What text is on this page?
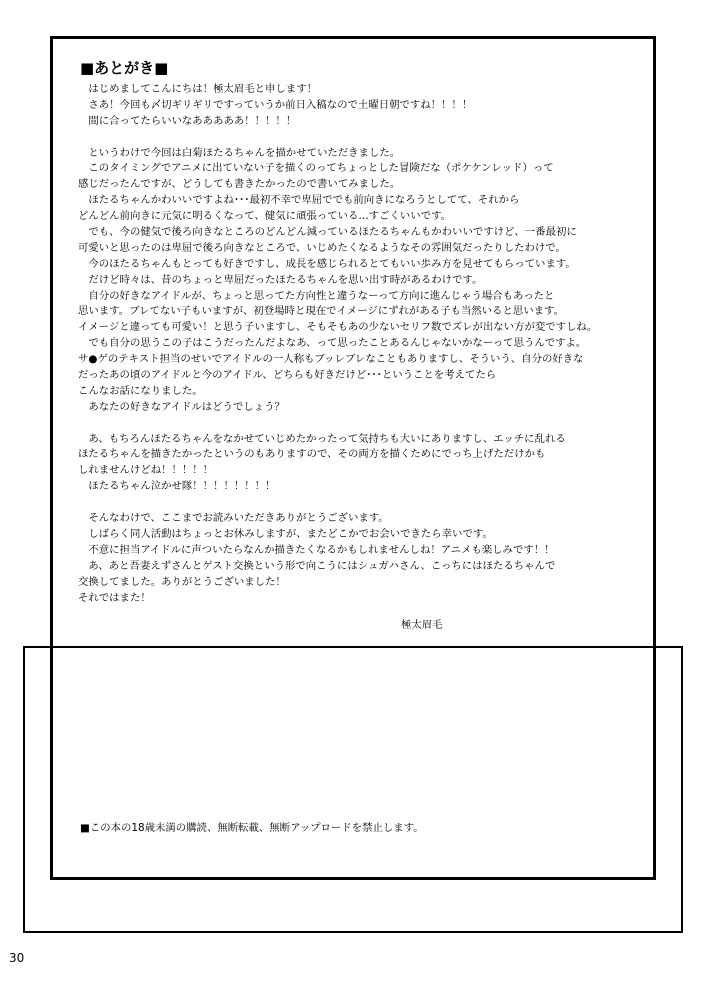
■あとがき■
　はじめましてこんにちは！極太眉毛と申します！
　さあ！今回も〆切ギリギリですっていうか前日入稿なので土曜日朝ですね！！！！
　間に合ってたらいいなあああああ！！！！！
　というわけで今回は白菊ほたるちゃんを描かせていただきました。
　このタイミングでアニメに出ていない子を描くのってちょっとした冒険だな（ポケケンレッド）って
感じだったんですが、どうしても書きたかったので書いてみました。
　ほたるちゃんかわいいですよね･･･最初不幸で卑屈ででも前向きになろうとしてて、それから
どんどん前向きに元気に明るくなって、健気に頑張っている…すごくいいです。
　でも、今の健気で後ろ向きなところのどんどん減っているほたるちゃんもかわいいですけど、一番最初に
可愛いと思ったのは卑屈で後ろ向きなところで、いじめたくなるようなその雰囲気だったりしたわけで。
　今のほたるちゃんもとっても好きですし、成長を感じられるとてもいい歩み方を見せてもらっています。
　だけど時々は、昔のちょっと卑屈だったほたるちゃんを思い出す時があるわけです。
　自分の好きなアイドルが、ちょっと思ってた方向性と違うなーって方向に進んじゃう場合もあったと
思います。ブレてない子もいますが、初登場時と現在でイメージにずれがある子も当然いると思います。
イメージと違っても可愛い！と思う子いますし、そもそもあの少ないセリフ数でズレが出ない方が変ですしね。
　でも自分の思うこの子はこうだったんだよなあ、って思ったことあるんじゃないかなーって思うんですよ。
サ●ゲのテキスト担当のせいでアイドルの一人称もブッレブレなこともありますし、そういう、自分の好きな
だったあの頃のアイドルと今のアイドル、どちらも好きだけど･･･ということを考えてたら
こんなお話になりました。
　あなたの好きなアイドルはどうでしょう？
　あ、もちろんほたるちゃんをなかせていじめたかったって気持ちも大いにありますし、エッチに乱れる
ほたるちゃんを描きたかったというのもありますので、その両方を描くためにでっち上げただけかも
しれませんけどね！！！！！
　ほたるちゃん泣かせ隊！！！！！！！！
　そんなわけで、ここまでお読みいただきありがとうございます。
　しばらく同人活動はちょっとお休みしますが、またどこかでお会いできたら幸いです。
　不意に担当アイドルに声ついたらなんか描きたくなるかもしれませんしね！アニメも楽しみです！！
　あ、あと吾妻えずさんとゲスト交換という形で向こうにはシュガハさん、こっちにはほたるちゃんで
交換してました。ありがとうございました！
それではまた！
極太眉毛
■この本の18歳未満の購読、無断転載、無断アップロードを禁止します。
30
